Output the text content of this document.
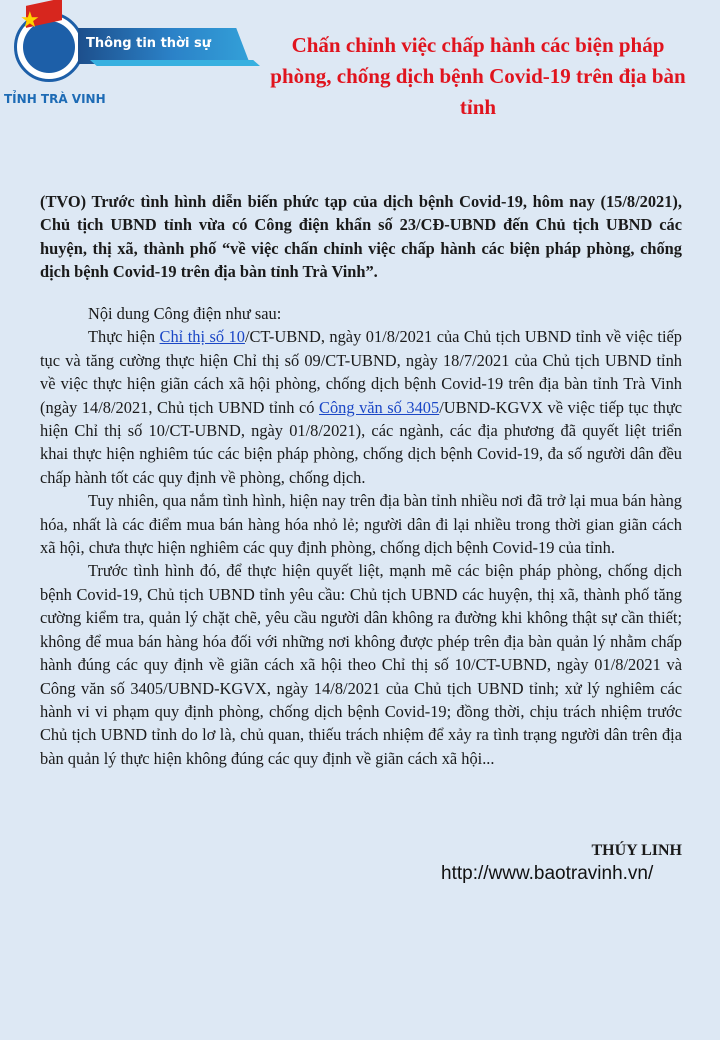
★
Thông tin thời sự
TỈNH TRÀ VINH
Chấn chỉnh việc chấp hành các biện pháp phòng, chống dịch bệnh Covid-19 trên địa bàn tỉnh

(TVO) Trước tình hình diễn biến phức tạp của dịch bệnh Covid-19, hôm nay (15/8/2021), Chủ tịch UBND tỉnh vừa có Công điện khẩn số 23/CĐ-UBND đến Chủ tịch UBND các huyện, thị xã, thành phố “về việc chấn chỉnh việc chấp hành các biện pháp phòng, chống dịch bệnh Covid-19 trên địa bàn tỉnh Trà Vinh”.

Nội dung Công điện như sau:

Thực hiện Chỉ thị số 10/CT-UBND, ngày 01/8/2021 của Chủ tịch UBND tỉnh về việc tiếp tục và tăng cường thực hiện Chỉ thị số 09/CT-UBND, ngày 18/7/2021 của Chủ tịch UBND tỉnh về việc thực hiện giãn cách xã hội phòng, chống dịch bệnh Covid-19 trên địa bàn tỉnh Trà Vinh (ngày 14/8/2021, Chủ tịch UBND tỉnh có Công văn số 3405/UBND-KGVX về việc tiếp tục thực hiện Chỉ thị số 10/CT-UBND, ngày 01/8/2021), các ngành, các địa phương đã quyết liệt triển khai thực hiện nghiêm túc các biện pháp phòng, chống dịch bệnh Covid-19, đa số người dân đều chấp hành tốt các quy định về phòng, chống dịch.

Tuy nhiên, qua nắm tình hình, hiện nay trên địa bàn tỉnh nhiều nơi đã trở lại mua bán hàng hóa, nhất là các điểm mua bán hàng hóa nhỏ lẻ; người dân đi lại nhiều trong thời gian giãn cách xã hội, chưa thực hiện nghiêm các quy định phòng, chống dịch bệnh Covid-19 của tỉnh.

Trước tình hình đó, để thực hiện quyết liệt, mạnh mẽ các biện pháp phòng, chống dịch bệnh Covid-19, Chủ tịch UBND tỉnh yêu cầu: Chủ tịch UBND các huyện, thị xã, thành phố tăng cường kiểm tra, quản lý chặt chẽ, yêu cầu người dân không ra đường khi không thật sự cần thiết; không để mua bán hàng hóa đối với những nơi không được phép trên địa bàn quản lý nhằm chấp hành đúng các quy định về giãn cách xã hội theo Chỉ thị số 10/CT-UBND, ngày 01/8/2021 và Công văn số 3405/UBND-KGVX, ngày 14/8/2021 của Chủ tịch UBND tỉnh; xử lý nghiêm các hành vi vi phạm quy định phòng, chống dịch bệnh Covid-19; đồng thời, chịu trách nhiệm trước Chủ tịch UBND tỉnh do lơ là, chủ quan, thiếu trách nhiệm để xảy ra tình trạng người dân trên địa bàn quản lý thực hiện không đúng các quy định về giãn cách xã hội...

THÚY LINH
http://www.baotravinh.vn/
